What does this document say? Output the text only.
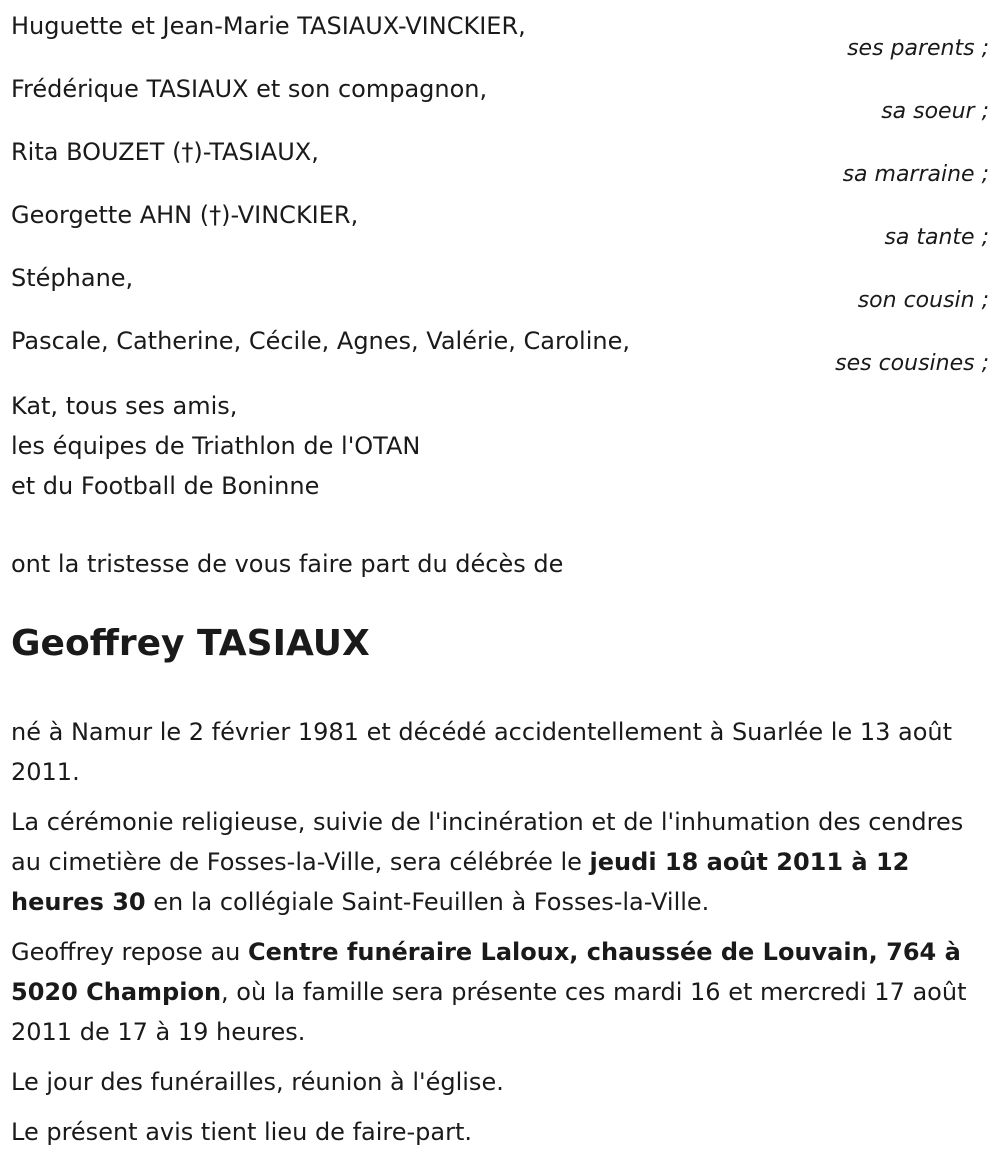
Huguette et Jean-Marie TASIAUX-VINCKIER,
ses parents ;
Frédérique TASIAUX et son compagnon,
sa soeur ;
Rita BOUZET (†)-TASIAUX,
sa marraine ;
Georgette AHN (†)-VINCKIER,
sa tante ;
Stéphane,
son cousin ;
Pascale, Catherine, Cécile, Agnes, Valérie, Caroline,
ses cousines ;
Kat, tous ses amis,
les équipes de Triathlon de l'OTAN
et du Football de Boninne
ont la tristesse de vous faire part du décès de
Geoffrey TASIAUX

né à Namur le 2 février 1981 et décédé accidentellement à Suarlée le 13 août 2011.

La cérémonie religieuse, suivie de l'incinération et de l'inhumation des cendres au cimetière de Fosses-la-Ville, sera célébrée le jeudi 18 août 2011 à 12 heures 30 en la collégiale Saint-Feuillen à Fosses-la-Ville.

Geoffrey repose au Centre funéraire Laloux, chaussée de Louvain, 764 à 5020 Champion, où la famille sera présente ces mardi 16 et mercredi 17 août 2011 de 17 à 19 heures.

Le jour des funérailles, réunion à l'église.

Le présent avis tient lieu de faire-part.
